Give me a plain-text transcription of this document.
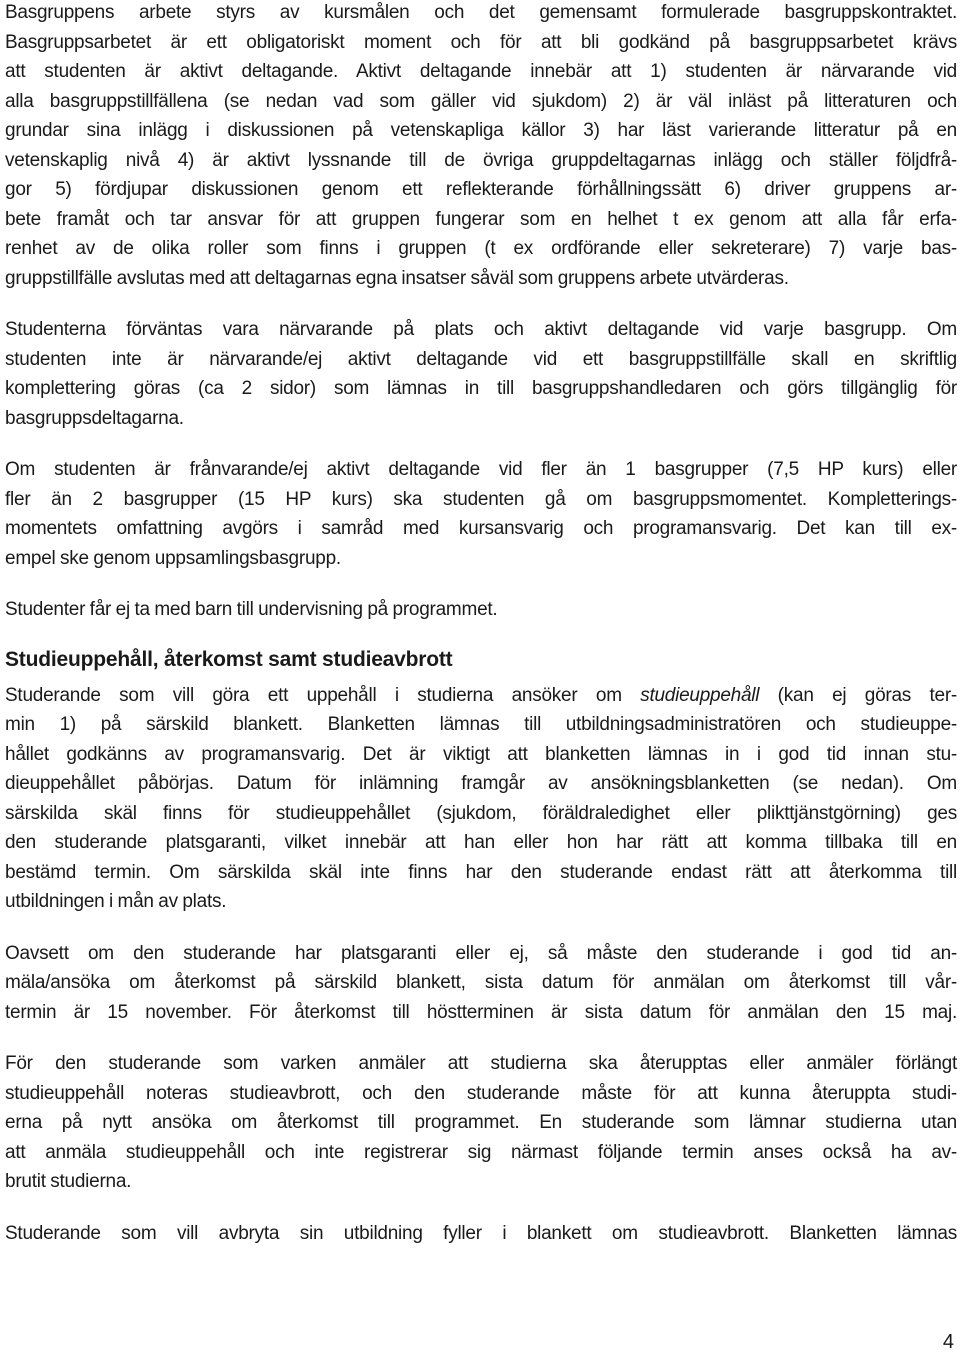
Basgruppens arbete styrs av kursmålen och det gemensamt formulerade basgruppskontraktet.
Basgruppsarbetet är ett obligatoriskt moment och för att bli godkänd på basgruppsarbetet krävs
att studenten är aktivt deltagande. Aktivt deltagande innebär att 1) studenten är närvarande vid
alla basgruppstillfällena (se nedan vad som gäller vid sjukdom) 2) är väl inläst på litteraturen och
grundar sina inlägg i diskussionen på vetenskapliga källor 3) har läst varierande litteratur på en
vetenskaplig nivå 4) är aktivt lyssnande till de övriga gruppdeltagarnas inlägg och ställer följdfrå-
gor 5) fördjupar diskussionen genom ett reflekterande förhållningssätt 6) driver gruppens ar-
bete framåt och tar ansvar för att gruppen fungerar som en helhet t ex genom att alla får erfa-
renhet av de olika roller som finns i gruppen (t ex ordförande eller sekreterare) 7) varje bas-
gruppstillfälle avslutas med att deltagarnas egna insatser såväl som gruppens arbete utvärderas.

Studenterna förväntas vara närvarande på plats och aktivt deltagande vid varje basgrupp. Om
studenten inte är närvarande/ej aktivt deltagande vid ett basgruppstillfälle skall en skriftlig
komplettering göras (ca 2 sidor) som lämnas in till basgruppshandledaren och görs tillgänglig för
basgruppsdeltagarna.

Om studenten är frånvarande/ej aktivt deltagande vid fler än 1 basgrupper (7,5 HP kurs) eller
fler än 2 basgrupper (15 HP kurs) ska studenten gå om basgruppsmomentet. Kompletterings-
momentets omfattning avgörs i samråd med kursansvarig och programansvarig. Det kan till ex-
empel ske genom uppsamlingsbasgrupp.

Studenter får ej ta med barn till undervisning på programmet.

Studieuppehåll, återkomst samt studieavbrott

Studerande som vill göra ett uppehåll i studierna ansöker om studieuppehåll (kan ej göras ter-
min 1) på särskild blankett. Blanketten lämnas till utbildningsadministratören och studieuppe-
hållet godkänns av programansvarig. Det är viktigt att blanketten lämnas in i god tid innan stu-
dieuppehållet påbörjas. Datum för inlämning framgår av ansökningsblanketten (se nedan). Om
särskilda skäl finns för studieuppehållet (sjukdom, föräldraledighet eller plikttjänstgörning) ges
den studerande platsgaranti, vilket innebär att han eller hon har rätt att komma tillbaka till en
bestämd termin. Om särskilda skäl inte finns har den studerande endast rätt att återkomma till
utbildningen i mån av plats.

Oavsett om den studerande har platsgaranti eller ej, så måste den studerande i god tid an-
mäla/ansöka om återkomst på särskild blankett, sista datum för anmälan om återkomst till vår-
termin är 15 november. För återkomst till höstterminen är sista datum för anmälan den 15 maj.

För den studerande som varken anmäler att studierna ska återupptas eller anmäler förlängt
studieuppehåll noteras studieavbrott, och den studerande måste för att kunna återuppta studi-
erna på nytt ansöka om återkomst till programmet. En studerande som lämnar studierna utan
att anmäla studieuppehåll och inte registrerar sig närmast följande termin anses också ha av-
brutit studierna.

Studerande som vill avbryta sin utbildning fyller i blankett om studieavbrott. Blanketten lämnas

4
